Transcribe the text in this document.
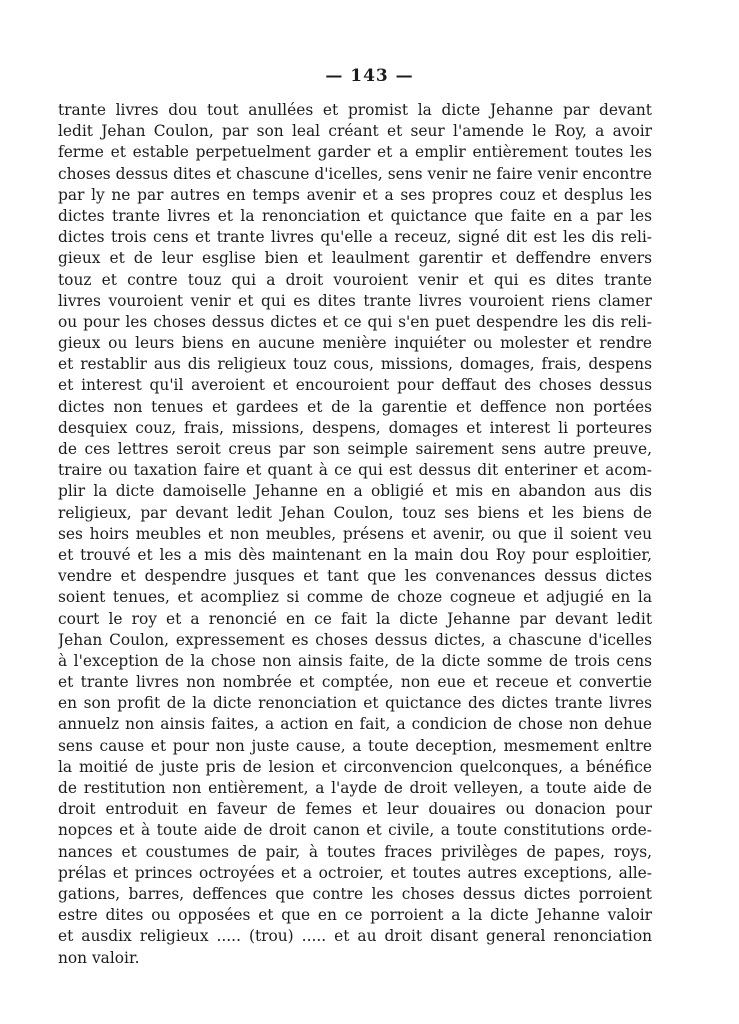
— 143 —
trante livres dou tout anullées et promist la dicte Jehanne par devant
ledit Jehan Coulon, par son leal créant et seur l'amende le Roy, a avoir
ferme et estable perpetuelment garder et a emplir entièrement toutes les
choses dessus dites et chascune d'icelles, sens venir ne faire venir encontre
par ly ne par autres en temps avenir et a ses propres couz et desplus les
dictes trante livres et la renonciation et quictance que faite en a par les
dictes trois cens et trante livres qu'elle a receuz, signé dit est les dis reli-
gieux et de leur esglise bien et leaulment garentir et deffendre envers
touz et contre touz qui a droit vouroient venir et qui es dites trante
livres vouroient venir et qui es dites trante livres vouroient riens clamer
ou pour les choses dessus dictes et ce qui s'en puet despendre les dis reli-
gieux ou leurs biens en aucune menière inquiéter ou molester et rendre
et restablir aus dis religieux touz cous, missions, domages, frais, despens
et interest qu'il averoient et encouroient pour deffaut des choses dessus
dictes non tenues et gardees et de la garentie et deffence non portées
desquiex couz, frais, missions, despens, domages et interest li porteures
de ces lettres seroit creus par son seimple sairement sens autre preuve,
traire ou taxation faire et quant à ce qui est dessus dit enteriner et acom-
plir la dicte damoiselle Jehanne en a obligié et mis en abandon aus dis
religieux, par devant ledit Jehan Coulon, touz ses biens et les biens de
ses hoirs meubles et non meubles, présens et avenir, ou que il soient veu
et trouvé et les a mis dès maintenant en la main dou Roy pour esploitier,
vendre et despendre jusques et tant que les convenances dessus dictes
soient tenues, et acompliez si comme de choze cogneue et adjugié en la
court le roy et a renoncié en ce fait la dicte Jehanne par devant ledit
Jehan Coulon, expressement es choses dessus dictes, a chascune d'icelles
à l'exception de la chose non ainsis faite, de la dicte somme de trois cens
et trante livres non nombrée et comptée, non eue et receue et convertie
en son profit de la dicte renonciation et quictance des dictes trante livres
annuelz non ainsis faites, a action en fait, a condicion de chose non dehue
sens cause et pour non juste cause, a toute deception, mesmement enltre
la moitié de juste pris de lesion et circonvencion quelconques, a bénéfice
de restitution non entièrement, a l'ayde de droit velleyen, a toute aide de
droit entroduit en faveur de femes et leur douaires ou donacion pour
nopces et à toute aide de droit canon et civile, a toute constitutions orde-
nances et coustumes de pair, à toutes fraces privilèges de papes, roys,
prélas et princes octroyées et a octroier, et toutes autres exceptions, alle-
gations, barres, deffences que contre les choses dessus dictes porroient
estre dites ou opposées et que en ce porroient a la dicte Jehanne valoir
et ausdix religieux ..... (trou) ..... et au droit disant general renonciation
non valoir.
